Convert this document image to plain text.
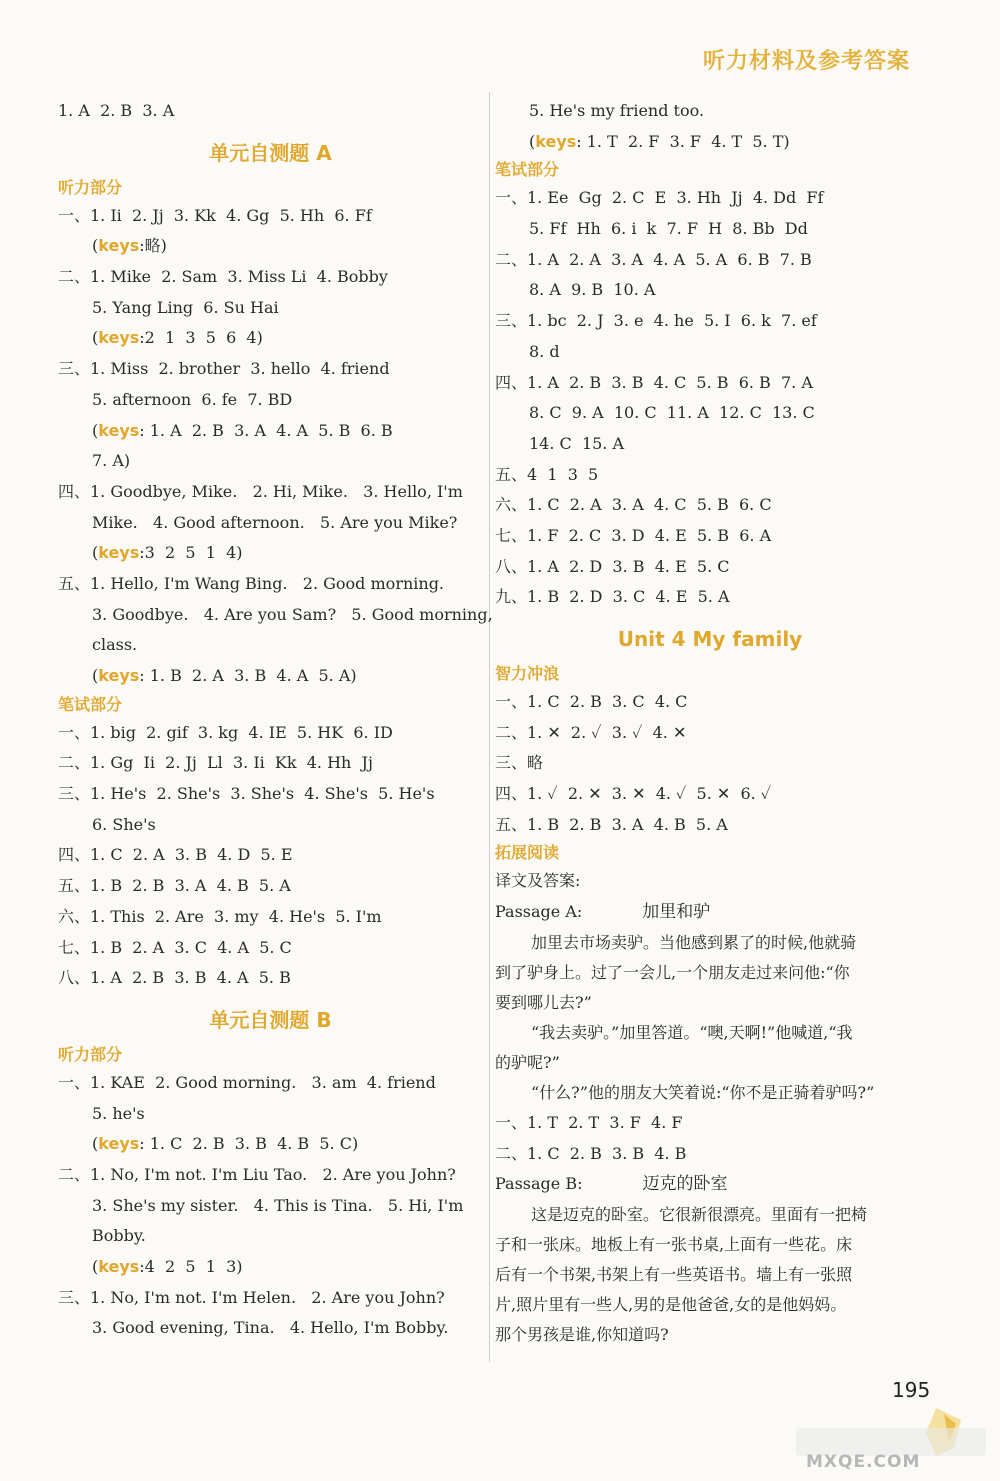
听力材料及参考答案
1. A  2. B  3. A
单元自测题 A
听力部分
一、1. Ii  2. Jj  3. Kk  4. Gg  5. Hh  6. Ff
(keys:略)
二、1. Mike  2. Sam  3. Miss Li  4. Bobby
5. Yang Ling  6. Su Hai
(keys:2  1  3  5  6  4)
三、1. Miss  2. brother  3. hello  4. friend
5. afternoon  6. fe  7. BD
(keys: 1. A  2. B  3. A  4. A  5. B  6. B
7. A)
四、1. Goodbye, Mike.   2. Hi, Mike.   3. Hello, I'm
Mike.   4. Good afternoon.   5. Are you Mike?
(keys:3  2  5  1  4)
五、1. Hello, I'm Wang Bing.   2. Good morning.
3. Goodbye.   4. Are you Sam?   5. Good morning,
class.
(keys: 1. B  2. A  3. B  4. A  5. A)
笔试部分
一、1. big  2. gif  3. kg  4. IE  5. HK  6. ID
二、1. Gg  Ii  2. Jj  Ll  3. Ii  Kk  4. Hh  Jj
三、1. He's  2. She's  3. She's  4. She's  5. He's
6. She's
四、1. C  2. A  3. B  4. D  5. E
五、1. B  2. B  3. A  4. B  5. A
六、1. This  2. Are  3. my  4. He's  5. I'm
七、1. B  2. A  3. C  4. A  5. C
八、1. A  2. B  3. B  4. A  5. B
单元自测题 B
听力部分
一、1. KAE  2. Good morning.   3. am  4. friend
5. he's
(keys: 1. C  2. B  3. B  4. B  5. C)
二、1. No, I'm not. I'm Liu Tao.   2. Are you John?
3. She's my sister.   4. This is Tina.   5. Hi, I'm
Bobby.
(keys:4  2  5  1  3)
三、1. No, I'm not. I'm Helen.   2. Are you John?
3. Good evening, Tina.   4. Hello, I'm Bobby.
5. He's my friend too.
(keys: 1. T  2. F  3. F  4. T  5. T)
笔试部分
一、1. Ee  Gg  2. C  E  3. Hh  Jj  4. Dd  Ff
5. Ff  Hh  6. i  k  7. F  H  8. Bb  Dd
二、1. A  2. A  3. A  4. A  5. A  6. B  7. B
8. A  9. B  10. A
三、1. bc  2. J  3. e  4. he  5. I  6. k  7. ef
8. d
四、1. A  2. B  3. B  4. C  5. B  6. B  7. A
8. C  9. A  10. C  11. A  12. C  13. C
14. C  15. A
五、4  1  3  5
六、1. C  2. A  3. A  4. C  5. B  6. C
七、1. F  2. C  3. D  4. E  5. B  6. A
八、1. A  2. D  3. B  4. E  5. C
九、1. B  2. D  3. C  4. E  5. A
Unit 4 My family
智力冲浪
一、1. C  2. B  3. C  4. C
二、1. ✕  2. ✓  3. ✓  4. ✕
三、略
四、1. ✓  2. ✕  3. ✕  4. ✓  5. ✕  6. ✓
五、1. B  2. B  3. A  4. B  5. A
拓展阅读
译文及答案:
Passage A:	加里和驴
加里去市场卖驴。当他感到累了的时候,他就骑
到了驴身上。过了一会儿,一个朋友走过来问他:“你
要到哪儿去?”
“我去卖驴。”加里答道。“噢,天啊!”他喊道,“我
的驴呢?”
“什么?”他的朋友大笑着说:“你不是正骑着驴吗?”
一、1. T  2. T  3. F  4. F
二、1. C  2. B  3. B  4. B
Passage B:	迈克的卧室
这是迈克的卧室。它很新很漂亮。里面有一把椅
子和一张床。地板上有一张书桌,上面有一些花。床
后有一个书架,书架上有一些英语书。墙上有一张照
片,照片里有一些人,男的是他爸爸,女的是他妈妈。
那个男孩是谁,你知道吗?
195
MXQE.COM
